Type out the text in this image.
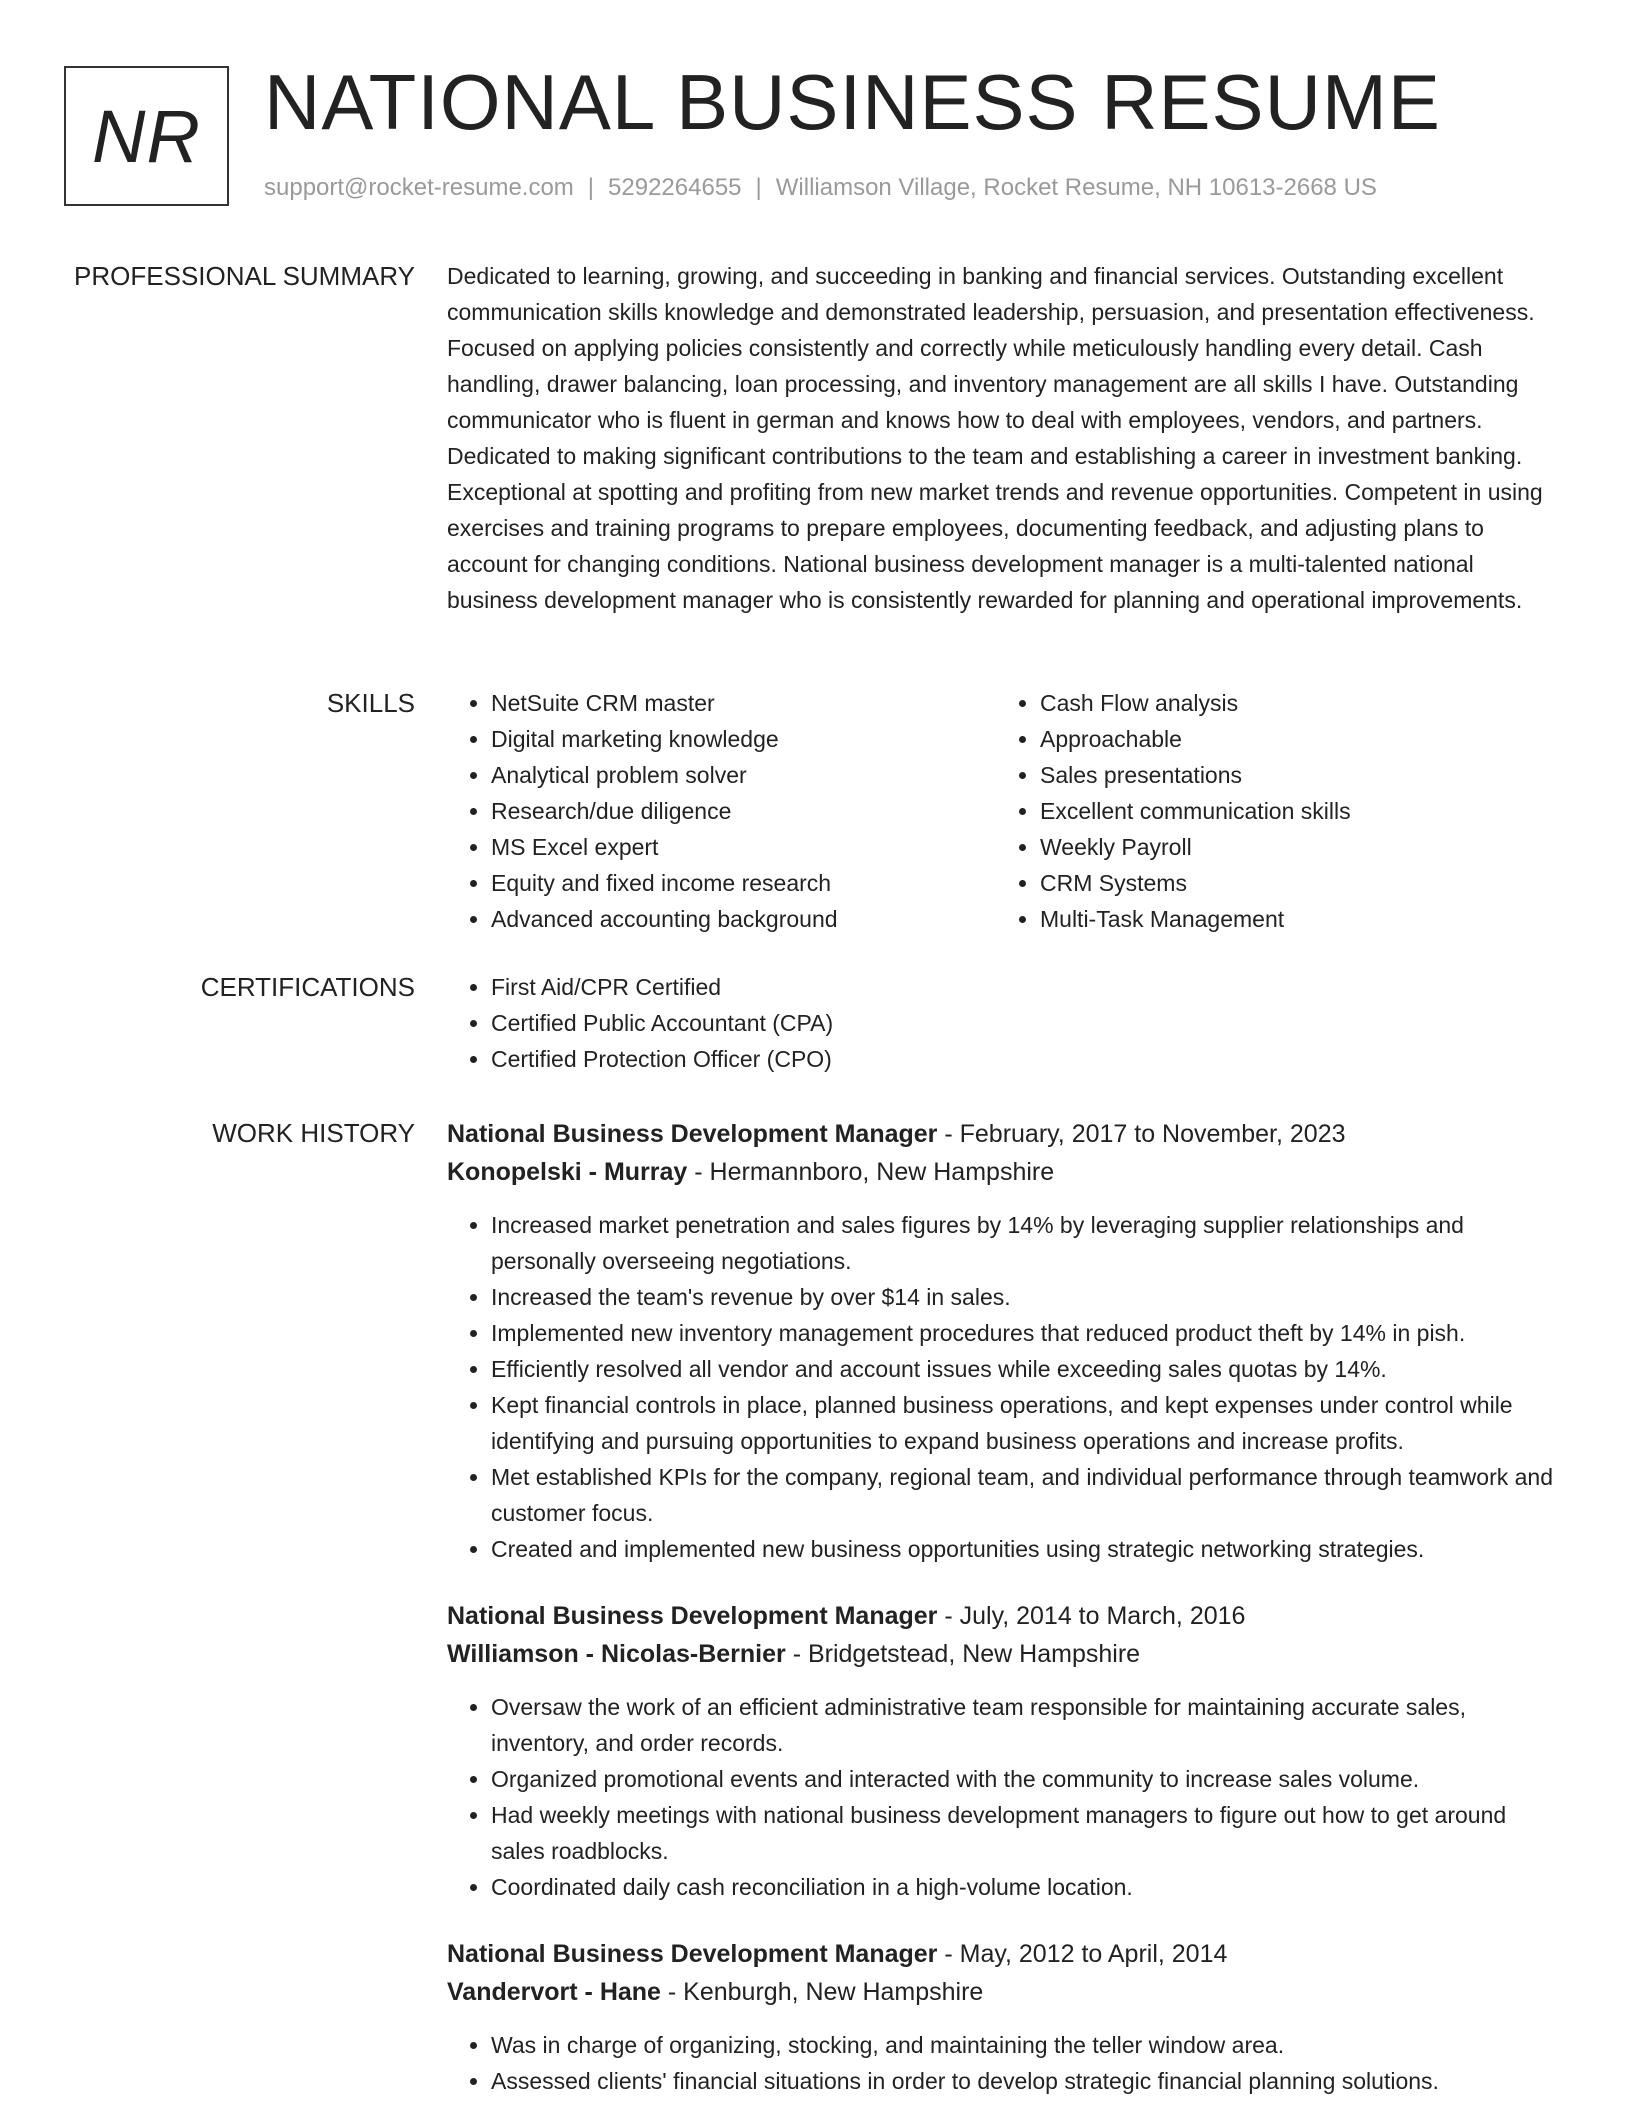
NR NATIONAL BUSINESS RESUME
support@rocket-resume.com | 5292264655 | Williamson Village, Rocket Resume, NH 10613-2668 US
PROFESSIONAL SUMMARY Dedicated to learning, growing, and succeeding in banking and financial services. Outstanding excellent communication skills knowledge and demonstrated leadership, persuasion, and presentation effectiveness. Focused on applying policies consistently and correctly while meticulously handling every detail. Cash handling, drawer balancing, loan processing, and inventory management are all skills I have. Outstanding communicator who is fluent in german and knows how to deal with employees, vendors, and partners. Dedicated to making significant contributions to the team and establishing a career in investment banking. Exceptional at spotting and profiting from new market trends and revenue opportunities. Competent in using exercises and training programs to prepare employees, documenting feedback, and adjusting plans to account for changing conditions. National business development manager is a multi-talented national business development manager who is consistently rewarded for planning and operational improvements.

SKILLS	• NetSuite CRM master
• Digital marketing knowledge
• Analytical problem solver
• Research/due diligence
• MS Excel expert
• Equity and fixed income research
• Advanced accounting background
• Cash Flow analysis
• Approachable
• Sales presentations
• Excellent communication skills
• Weekly Payroll
• CRM Systems
• Multi-Task Management
CERTIFICATIONS	• First Aid/CPR Certified
• Certified Public Accountant (CPA)
• Certified Protection Officer (CPO)
WORK HISTORY National Business Development Manager - February, 2017 to November, 2023
Konopelski - Murray - Hermannboro, New Hampshire
• Increased market penetration and sales figures by 14% by leveraging supplier relationships and personally overseeing negotiations.
• Increased the team's revenue by over $14 in sales.
• Implemented new inventory management procedures that reduced product theft by 14% in pish.
• Efficiently resolved all vendor and account issues while exceeding sales quotas by 14%.
• Kept financial controls in place, planned business operations, and kept expenses under control while identifying and pursuing opportunities to expand business operations and increase profits.
• Met established KPIs for the company, regional team, and individual performance through teamwork and customer focus.
• Created and implemented new business opportunities using strategic networking strategies.
National Business Development Manager - July, 2014 to March, 2016
Williamson - Nicolas-Bernier - Bridgetstead, New Hampshire
• Oversaw the work of an efficient administrative team responsible for maintaining accurate sales, inventory, and order records.
• Organized promotional events and interacted with the community to increase sales volume.
• Had weekly meetings with national business development managers to figure out how to get around sales roadblocks.
• Coordinated daily cash reconciliation in a high-volume location.
National Business Development Manager - May, 2012 to April, 2014
Vandervort - Hane - Kenburgh, New Hampshire
• Was in charge of organizing, stocking, and maintaining the teller window area.
• Assessed clients' financial situations in order to develop strategic financial planning solutions.
